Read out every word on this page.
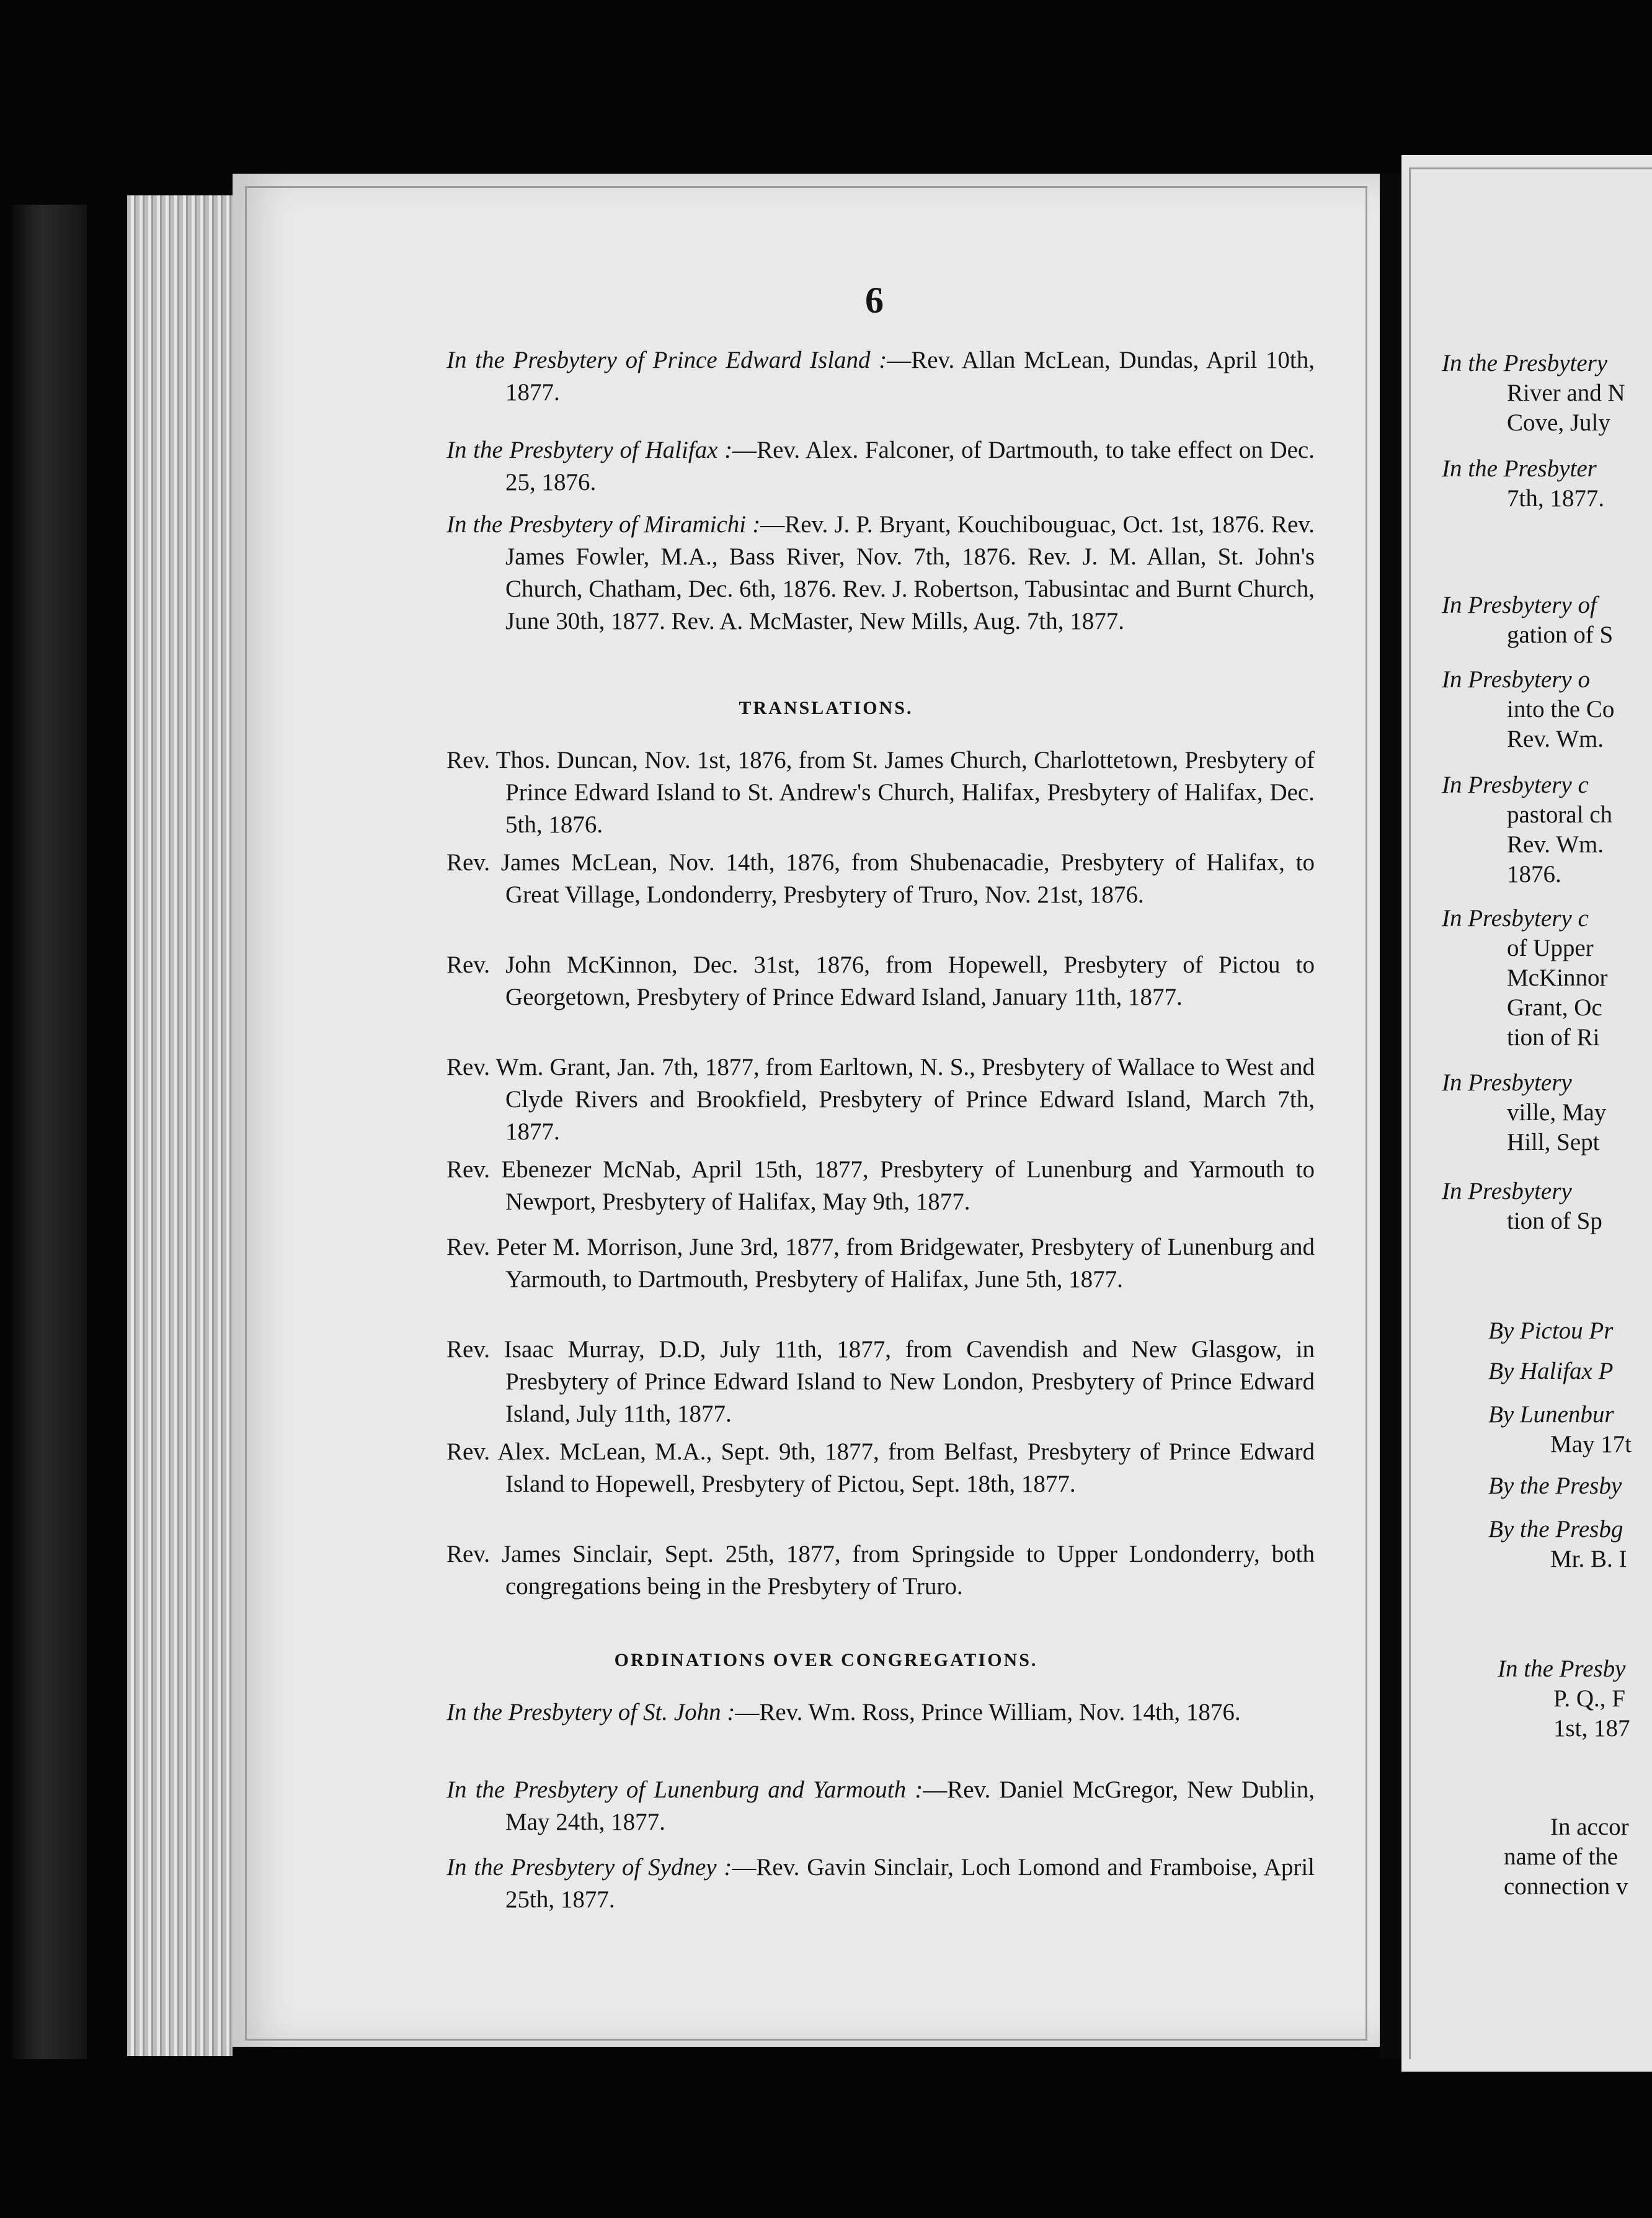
6

In the Presbytery of Prince Edward Island :—Rev. Allan McLean, Dundas, April 10th, 1877.

In the Presbytery of Halifax :—Rev. Alex. Falconer, of Dartmouth, to take effect on Dec. 25, 1876.

In the Presbytery of Miramichi :—Rev. J. P. Bryant, Kouchibouguac, Oct. 1st, 1876. Rev. James Fowler, M.A., Bass River, Nov. 7th, 1876. Rev. J. M. Allan, St. John's Church, Chatham, Dec. 6th, 1876. Rev. J. Robertson, Tabusintac and Burnt Church, June 30th, 1877. Rev. A. McMaster, New Mills, Aug. 7th, 1877.

TRANSLATIONS.

Rev. Thos. Duncan, Nov. 1st, 1876, from St. James Church, Charlottetown, Presbytery of Prince Edward Island to St. Andrew's Church, Halifax, Presbytery of Halifax, Dec. 5th, 1876.

Rev. James McLean, Nov. 14th, 1876, from Shubenacadie, Presbytery of Halifax, to Great Village, Londonderry, Presbytery of Truro, Nov. 21st, 1876.

Rev. John McKinnon, Dec. 31st, 1876, from Hopewell, Presbytery of Pictou to Georgetown, Presbytery of Prince Edward Island, January 11th, 1877.

Rev. Wm. Grant, Jan. 7th, 1877, from Earltown, N. S., Presbytery of Wallace to West and Clyde Rivers and Brookfield, Presbytery of Prince Edward Island, March 7th, 1877.

Rev. Ebenezer McNab, April 15th, 1877, Presbytery of Lunenburg and Yarmouth to Newport, Presbytery of Halifax, May 9th, 1877.

Rev. Peter M. Morrison, June 3rd, 1877, from Bridgewater, Presbytery of Lunenburg and Yarmouth, to Dartmouth, Presbytery of Halifax, June 5th, 1877.

Rev. Isaac Murray, D.D, July 11th, 1877, from Cavendish and New Glasgow, in Presbytery of Prince Edward Island to New London, Presbytery of Prince Edward Island, July 11th, 1877.

Rev. Alex. McLean, M.A., Sept. 9th, 1877, from Belfast, Presbytery of Prince Edward Island to Hopewell, Presbytery of Pictou, Sept. 18th, 1877.

Rev. James Sinclair, Sept. 25th, 1877, from Springside to Upper Londonderry, both congregations being in the Presbytery of Truro.

ORDINATIONS OVER CONGREGATIONS.

In the Presbytery of St. John :—Rev. Wm. Ross, Prince William, Nov. 14th, 1876.

In the Presbytery of Lunenburg and Yarmouth :—Rev. Daniel McGregor, New Dublin, May 24th, 1877.

In the Presbytery of Sydney :—Rev. Gavin Sinclair, Loch Lomond and Framboise, April 25th, 1877.

In the Presbytery
River and N
Cove, July
In the Presbyter
7th, 1877.
In Presbytery of
gation of S
In Presbytery o
into the Co
Rev. Wm.
In Presbytery c
pastoral ch
Rev. Wm.
1876.
In Presbytery c
of Upper
McKinnor
Grant, Oc
tion of Ri
In Presbytery
ville, May
Hill, Sept
In Presbytery
tion of Sp
By Pictou Pr
By Halifax P
By Lunenbur
May 17t
By the Presby
By the Presbg
Mr. B. I
In the Presby
P. Q., F
1st, 187
In accor
name of the
connection v
